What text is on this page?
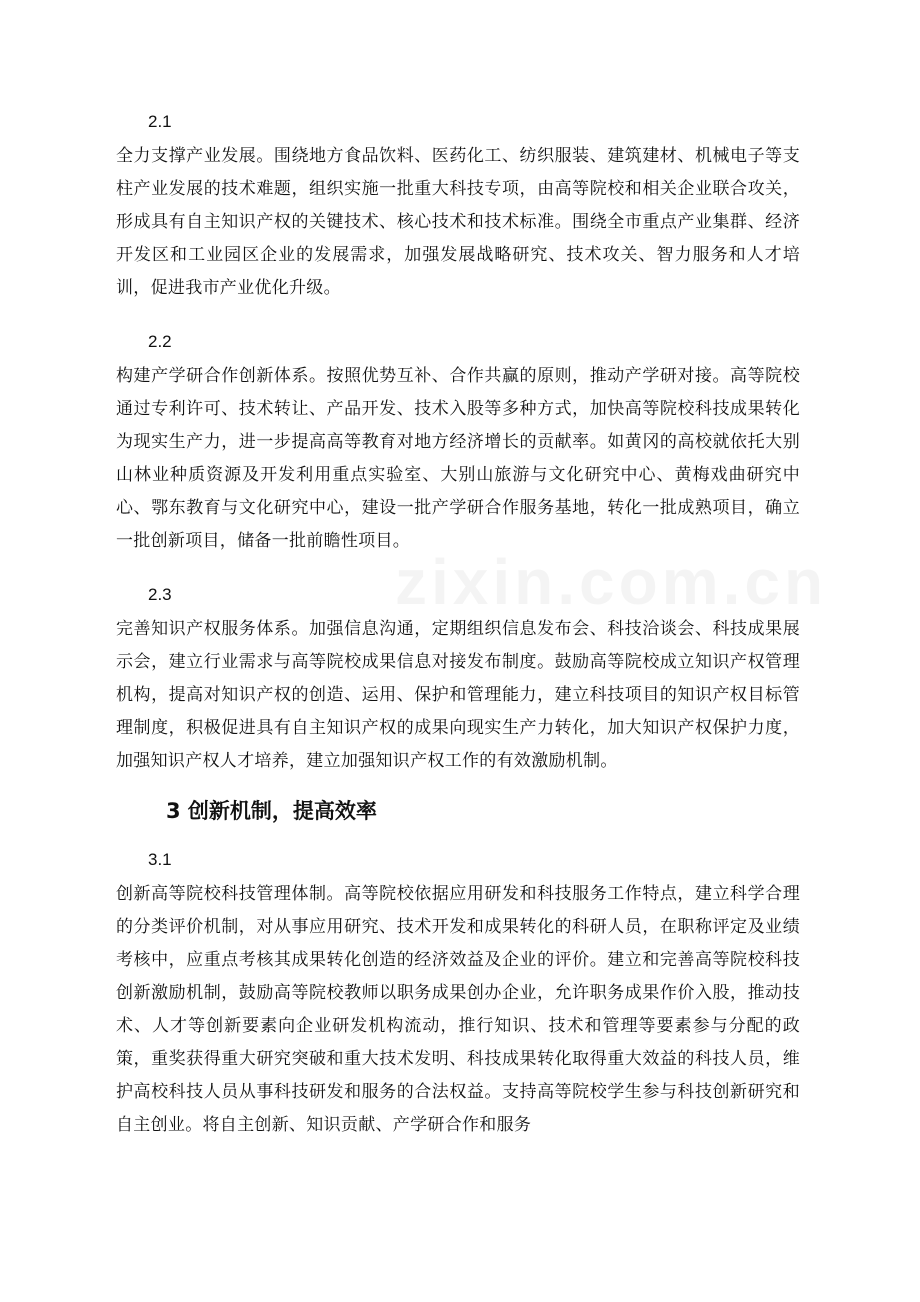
2.1

全力支撑产业发展。围绕地方食品饮料、医药化工、纺织服装、建筑建材、机械电子等支柱产业发展的技术难题，组织实施一批重大科技专项，由高等院校和相关企业联合攻关，形成具有自主知识产权的关键技术、核心技术和技术标准。围绕全市重点产业集群、经济开发区和工业园区企业的发展需求，加强发展战略研究、技术攻关、智力服务和人才培训，促进我市产业优化升级。

2.2

构建产学研合作创新体系。按照优势互补、合作共赢的原则，推动产学研对接。高等院校通过专利许可、技术转让、产品开发、技术入股等多种方式，加快高等院校科技成果转化为现实生产力，进一步提高高等教育对地方经济增长的贡献率。如黄冈的高校就依托大别山林业种质资源及开发利用重点实验室、大别山旅游与文化研究中心、黄梅戏曲研究中心、鄂东教育与文化研究中心，建设一批产学研合作服务基地，转化一批成熟项目，确立一批创新项目，储备一批前瞻性项目。

2.3

完善知识产权服务体系。加强信息沟通，定期组织信息发布会、科技洽谈会、科技成果展示会，建立行业需求与高等院校成果信息对接发布制度。鼓励高等院校成立知识产权管理机构，提高对知识产权的创造、运用、保护和管理能力，建立科技项目的知识产权目标管理制度，积极促进具有自主知识产权的成果向现实生产力转化，加大知识产权保护力度，加强知识产权人才培养，建立加强知识产权工作的有效激励机制。

3 创新机制，提高效率
3.1

创新高等院校科技管理体制。高等院校依据应用研发和科技服务工作特点，建立科学合理的分类评价机制，对从事应用研究、技术开发和成果转化的科研人员，在职称评定及业绩考核中，应重点考核其成果转化创造的经济效益及企业的评价。建立和完善高等院校科技创新激励机制，鼓励高等院校教师以职务成果创办企业，允许职务成果作价入股，推动技术、人才等创新要素向企业研发机构流动，推行知识、技术和管理等要素参与分配的政策，重奖获得重大研究突破和重大技术发明、科技成果转化取得重大效益的科技人员，维护高校科技人员从事科技研发和服务的合法权益。支持高等院校学生参与科技创新研究和自主创业。将自主创新、知识贡献、产学研合作和服务
